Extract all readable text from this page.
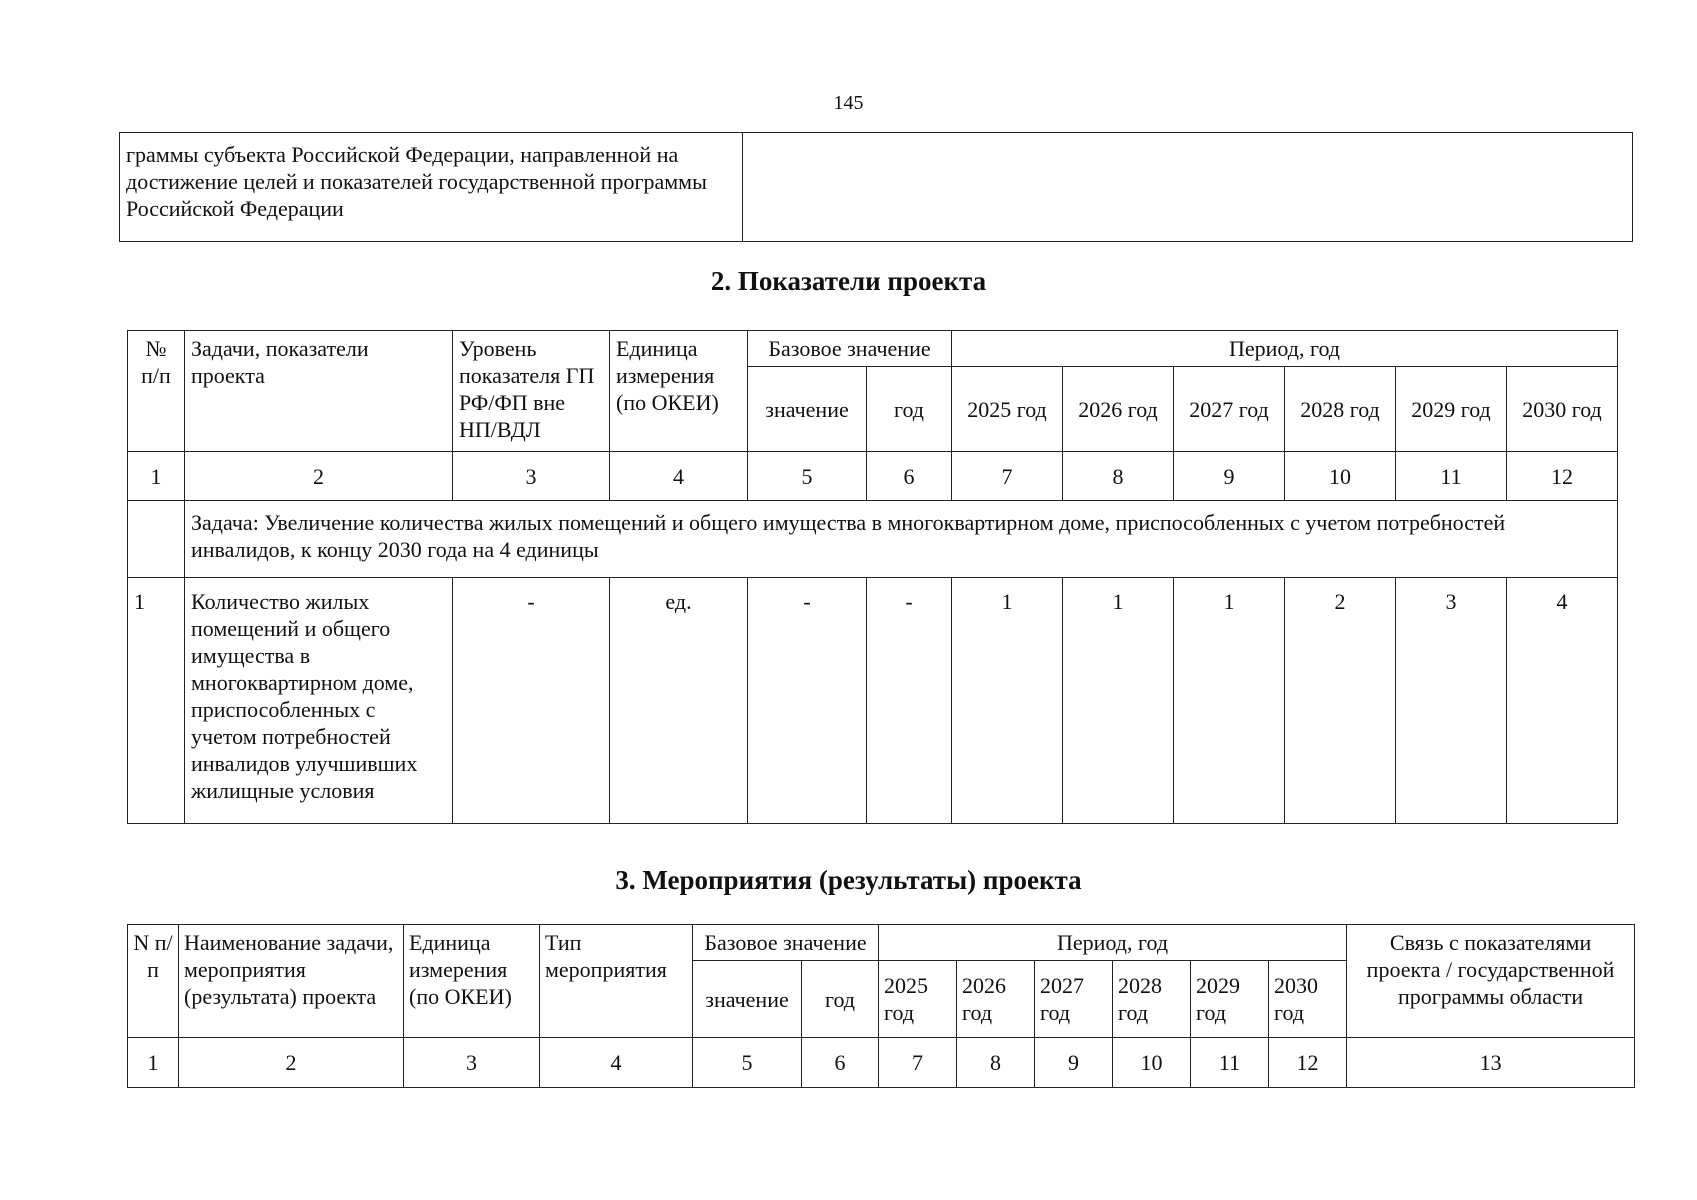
145
граммы субъекта Российской Федерации, направленной на достижение целей и показателей государственной программы Российской Федерации	
2. Показатели проекта
№ п/п	Задачи, показатели проекта	Уровень показателя ГП РФ/ФП вне НП/ВДЛ	Единица измерения (по ОКЕИ)	Базовое значение		Период, год					
				значение	год	2025 год	2026 год	2027 год	2028 год	2029 год	2030 год
1	2	3	4	5	6	7	8	9	10	11	12
	Задача: Увеличение количества жилых помещений и общего имущества в многоквартирном доме, приспособленных с учетом потребностей инвалидов, к концу 2030 года на 4 единицы										
1	Количество жилых помещений и общего имущества в многоквартирном доме, приспособленных с учетом потребностей инвалидов улучшивших жилищные условия	-	ед.	-	-	1	1	1	2	3	4
3. Мероприятия (результаты) проекта
N п/п	Наименование задачи, мероприятия (результата) проекта	Единица измерения (по ОКЕИ)	Тип мероприятия	Базовое значение		Период, год						Связь с показателями проекта / государственной программы области
				значение	год	2025 год	2026 год	2027 год	2028 год	2029 год	2030 год	
1	2	3	4	5	6	7	8	9	10	11	12	13
